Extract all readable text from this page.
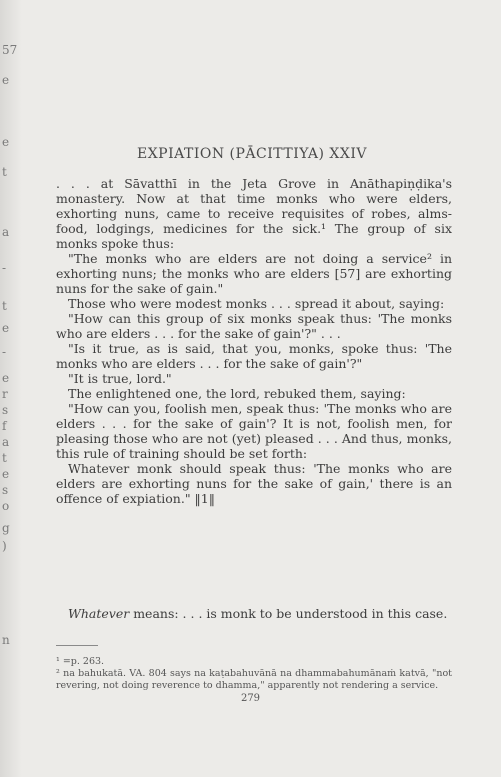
57
e
e
t
a
-
t
e
-
e
r
s
f
a
t
e
s
o
g
)
n
EXPIATION (PĀCITTIYA) XXIV

. . . at Sāvatthī in the Jeta Grove in Anāthapiṇḍika's monastery. Now at that time monks who were elders, exhorting nuns, came to receive requisites of robes, alms-food, lodgings, medicines for the sick.¹ The group of six monks spoke thus:

"The monks who are elders are not doing a service² in exhorting nuns; the monks who are elders [57] are exhorting nuns for the sake of gain."

Those who were modest monks . . . spread it about, saying:

"How can this group of six monks speak thus: 'The monks who are elders . . . for the sake of gain'?" . . .

"Is it true, as is said, that you, monks, spoke thus: 'The monks who are elders . . . for the sake of gain'?"

"It is true, lord."

The enlightened one, the lord, rebuked them, saying:

"How can you, foolish men, speak thus: 'The monks who are elders . . . for the sake of gain'? It is not, foolish men, for pleasing those who are not (yet) pleased . . . And thus, monks, this rule of training should be set forth:

Whatever monk should speak thus: 'The monks who are elders are exhorting nuns for the sake of gain,' there is an offence of expiation." ‖1‖

Whatever means: . . . is monk to be understood in this case.

¹ =p. 263.

² na bahukatā. VA. 804 says na kaṭabahuvānā na dhammabahumānaṁ katvā, "not revering, not doing reverence to dhamma," apparently not rendering a service.

279
